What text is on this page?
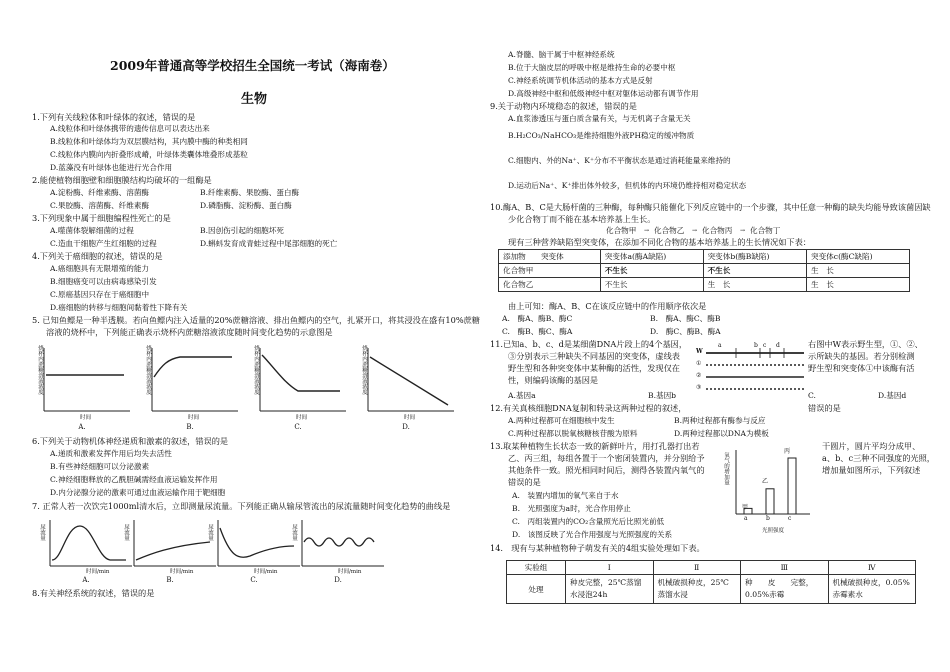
2009年普通高等学校招生全国统一考试（海南卷）
生物
1.下列有关线粒体和叶绿体的叙述，错误的是
A.线粒体和叶绿体携带的遗传信息可以表达出来
B.线粒体和叶绿体均为双层膜结构，其内膜中酶的种类相同
C.线粒体内膜向内折叠形成嵴，叶绿体类囊体堆叠形成基粒
D.蓝藻没有叶绿体也能进行光合作用
2.能使植物细胞壁和细胞膜结构均破坏的一组酶是
A.淀粉酶、纤维素酶、溶菌酶	B.纤维素酶、果胶酶、蛋白酶
C.果胶酶、溶菌酶、纤维素酶	D.磷脂酶、淀粉酶、蛋白酶
3.下列现象中属于细胞编程性死亡的是
A.噬菌体裂解细菌的过程	B.因创伤引起的细胞坏死
C.造血干细胞产生红细胞的过程	D.蝌蚪发育成青蛙过程中尾部细胞的死亡
4.下列关于癌细胞的叙述，错误的是
A.癌细胞具有无限增殖的能力
B.细胞癌变可以由病毒感染引发
C.原癌基因只存在于癌细胞中
D.癌细胞的转移与细胞间黏着性下降有关
5. 已知鱼鳔是一种半透膜。若向鱼鳔内注入适量的20%蔗糖溶液、排出鱼鳔内的空气，扎紧开口，将其浸没在盛有10%蔗糖
溶液的烧杯中，下列能正确表示烧杯内蔗糖溶液浓度随时间变化趋势的示意图是
烧杯内蔗糖溶液浓度
时间
A.
烧杯内蔗糖溶液浓度
时间
B.
烧杯内蔗糖溶液浓度
时间
C.
烧杯内蔗糖溶液浓度
时间
D.
6.下列关于动物机体神经递质和激素的叙述，错误的是
A.递质和激素发挥作用后均失去活性
B.有些神经细胞可以分泌激素
C.神经细胞释放的乙酰胆碱需经血液运输发挥作用
D.内分泌腺分泌的激素可通过血液运输作用于靶细胞
7. 正常人若一次饮完1000ml清水后，立即测量尿流量。下列能正确从输尿管流出的尿流量随时间变化趋势的曲线是
尿流量
时间/min
A.
尿流量
时间/min
B.
尿流量
时间/min
C.
尿流量
时间/min
D.
8.有关神经系统的叙述，错误的是
A.脊髓、脑干属于中枢神经系统
B.位于大脑皮层的呼吸中枢是维持生命的必要中枢
C.神经系统调节机体活动的基本方式是反射
D.高级神经中枢和低级神经中枢对躯体运动都有调节作用
9.关于动物内环境稳态的叙述，错误的是
A.血浆渗透压与蛋白质含量有关，与无机离子含量无关
B.H₂CO₃/NaHCO₃是维持细胞外液PH稳定的缓冲物质
C.细胞内、外的Na⁺、K⁺分布不平衡状态是通过消耗能量来维持的
D.运动后Na⁺、K⁺排出体外较多，但机体的内环境仍维持相对稳定状态
10.酶A、B、C是大肠杆菌的三种酶，每种酶只能催化下列反应链中的一个步骤，其中任意一种酶的缺失均能导致该菌因缺
少化合物丁而不能在基本培养基上生长。
化合物甲 → 化合物乙 → 化合物丙 → 化合物丁
现有三种营养缺陷型突变体，在添加不同化合物的基本培养基上的生长情况如下表：
添加物　　突变体	突变体a(酶A缺陷)	突变体b(酶B缺陷)	突变体c(酶C缺陷)
化合物甲	不生长	不生长	生　长
化合物乙	不生长	生　长	生　长
由上可知：酶A、B、C在该反应链中的作用顺序依次是
A.　酶A、酶B、酶C	B.　酶A、酶C、酶B
C.　酶B、酶C、酶A	D.　酶C、酶B、酶A
11.已知a、b、c、d是某细菌DNA片段上的4个基因，
③分别表示三种缺失不同基因的突变体，虚线表
野生型和各种突变体中某种酶的活性，发现仅在
性，则编码该酶的基因是
右图中W表示野生型，①、②、
示所缺失的基因。若分别检测
野生型和突变体①中该酶有活
a	b c d
W
①
②
③
A.基因a	B.基因b	C.	D.基因d
12.有关真核细胞DNA复制和转录这两种过程的叙述，	错误的是
A.两种过程都可在细胞核中发生	B.两种过程都有酶参与反应
C.两种过程都以脱氧核糖核苷酸为原料	D.两种过程都以DNA为模板
13.取某种植物生长状态一致的新鲜叶片，用打孔器打出若
乙、丙三组，每组各置于一个密闭装置内，并分别给予
其他条件一致。照光相同时间后，测得各装置内氧气的
错误的是
干圆片，圆片平均分成甲、
a、b、c三种不同强度的光照，
增加量如图所示，下列叙述
氧气的增加量
甲
乙
丙
a	b	c
光照强度
A.　装置内增加的氧气来自于水
B.　光照强度为a时，光合作用停止
C.　丙组装置内的CO₂含量照光后比照光前低
D.　该图反映了光合作用强度与光照强度的关系
14.　现有与某种植物种子萌发有关的4组实验处理如下表。
实验组	Ⅰ	Ⅱ	Ⅲ	Ⅳ
处理	种皮完整，25℃蒸馏水浸泡24h	机械破损种皮，25℃蒸馏水浸	种　　皮　　完整，0.05%赤霉	机械破损种皮，0.05%赤霉素水
